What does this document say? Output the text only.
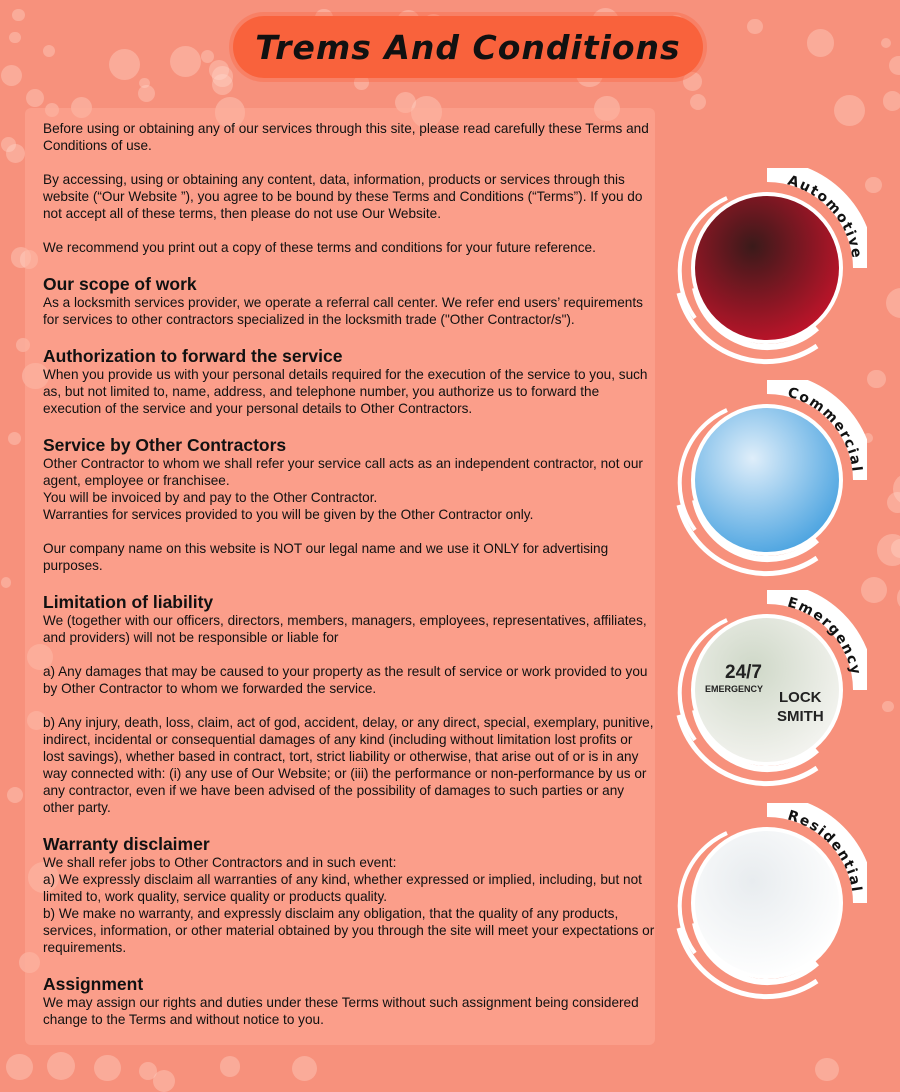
Trems And Conditions

Before using or obtaining any of our services through this site, please read carefully these Terms and Conditions of use.

By accessing, using or obtaining any content, data, information, products or services through this website (“Our Website ”), you agree to be bound by these Terms and Conditions (“Terms”). If you do not accept all of these terms, then please do not use Our Website.

We recommend you print out a copy of these terms and conditions for your future reference.

Our scope of work

As a locksmith services provider, we operate a referral call center. We refer end users’ requirements for services to other contractors specialized in the locksmith trade ("Other Contractor/s").

Authorization to forward the service

When you provide us with your personal details required for the execution of the service to you, such as, but not limited to, name, address, and telephone number, you authorize us to forward the execution of the service and your personal details to Other Contractors.

Service by Other Contractors

Other Contractor to whom we shall refer your service call acts as an independent contractor, not our agent, employee or franchisee.

You will be invoiced by and pay to the Other Contractor.

Warranties for services provided to you will be given by the Other Contractor only.

Our company name on this website is NOT our legal name and we use it ONLY for advertising purposes.

Limitation of liability

We (together with our officers, directors, members, managers, employees, representatives, affiliates, and providers) will not be responsible or liable for

a) Any damages that may be caused to your property as the result of service or work provided to you by Other Contractor to whom we forwarded the service.

b) Any injury, death, loss, claim, act of god, accident, delay, or any direct, special, exemplary, punitive, indirect, incidental or consequential damages of any kind (including without limitation lost profits or lost savings), whether based in contract, tort, strict liability or otherwise, that arise out of or is in any way connected with: (i) any use of Our Website; or (iii) the performance or non-performance by us or any contractor, even if we have been advised of the possibility of damages to such parties or any other party.

Warranty disclaimer

We shall refer jobs to Other Contractors and in such event:

a) We expressly disclaim all warranties of any kind, whether expressed or implied, including, but not limited to, work quality, service quality or products quality.

b) We make no warranty, and expressly disclaim any obligation, that the quality of any products, services, information, or other material obtained by you through the site will meet your expectations or requirements.

Assignment

We may assign our rights and duties under these Terms without such assignment being considered change to the Terms and without notice to you.

Automotive
Commercial
24/7
EMERGENCY LOCK
SMITH
Emergency
Residential
